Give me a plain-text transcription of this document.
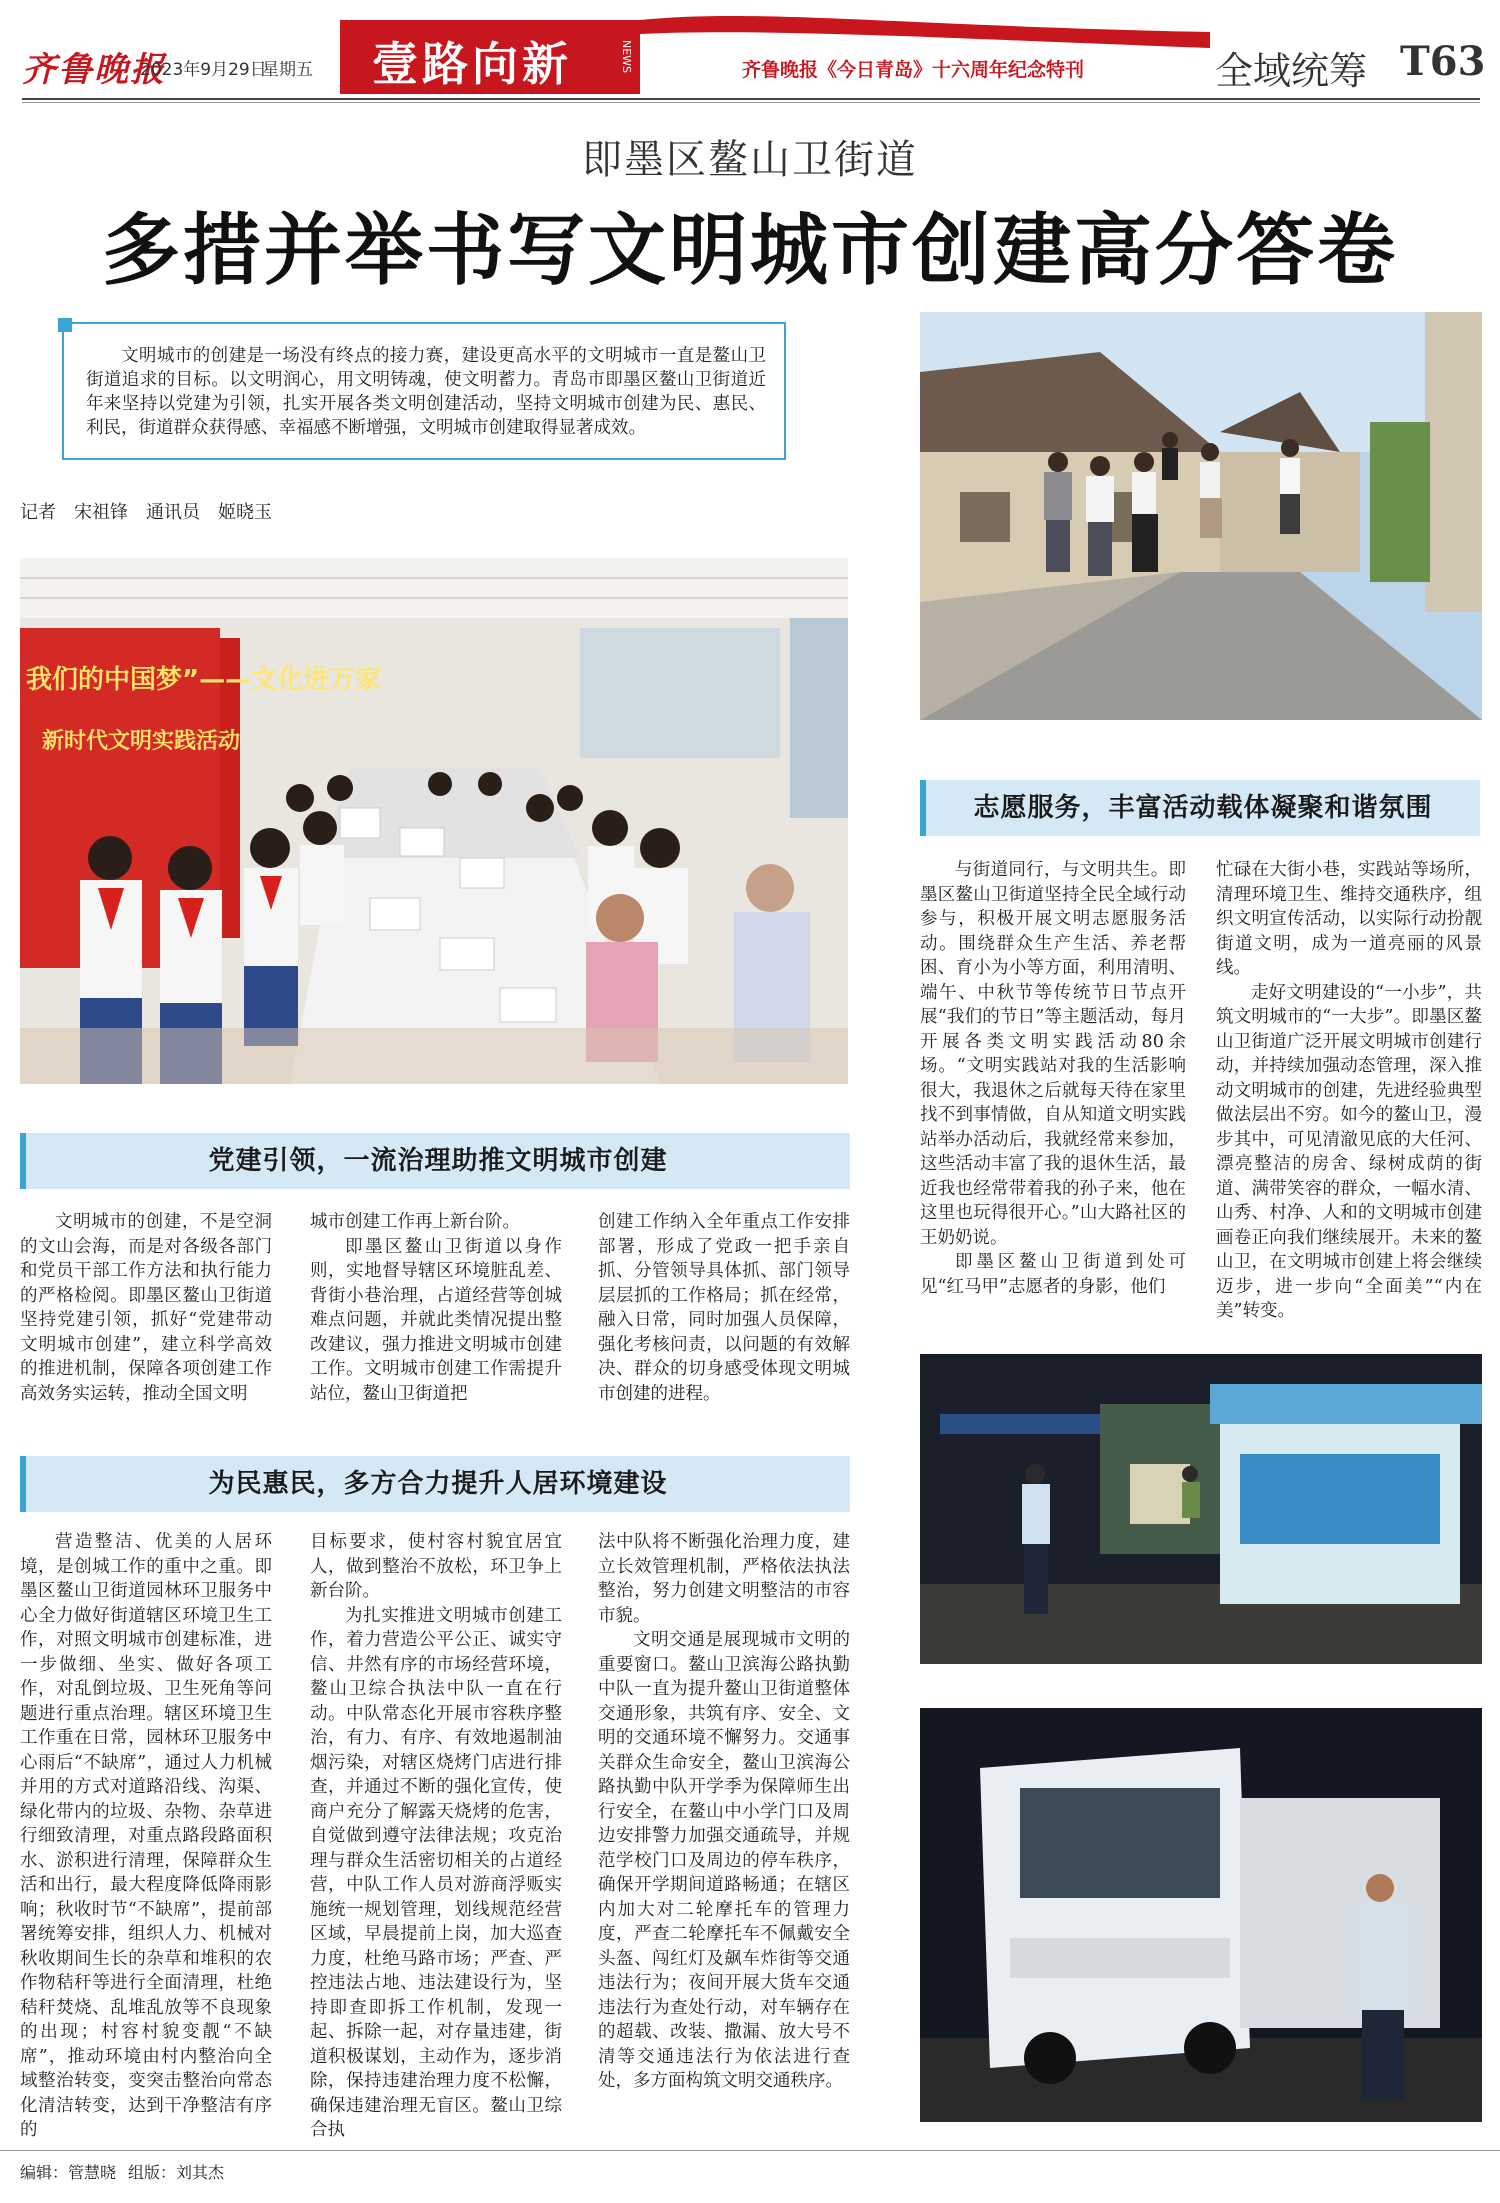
齐鲁晚报
2023年9月29日
星期五 壹路向新	NEWS	齐鲁晚报《今日青岛》十六周年纪念特刊	全域统筹 T63
即墨区鳌山卫街道
多措并举书写文明城市创建高分答卷
文明城市的创建是一场没有终点的接力赛，建设更高水平的文明城市一直是鳌山卫街道追求的目标。以文明润心，用文明铸魂，使文明蓄力。青岛市即墨区鳌山卫街道近年来坚持以党建为引领，扎实开展各类文明创建活动，坚持文明城市创建为民、惠民、利民，街道群众获得感、幸福感不断增强，文明城市创建取得显著成效。
记者　宋祖锋　通讯员　姬晓玉
我们的中国梦”——文化进万家
新时代文明实践活动
党建引领，一流治理助推文明城市创建

文明城市的创建，不是空洞的文山会海，而是对各级各部门和党员干部工作方法和执行能力的严格检阅。即墨区鳌山卫街道坚持党建引领，抓好“党建带动文明城市创建”，建立科学高效的推进机制，保障各项创建工作高效务实运转，推动全国文明

城市创建工作再上新台阶。

即墨区鳌山卫街道以身作则，实地督导辖区环境脏乱差、背街小巷治理，占道经营等创城难点问题，并就此类情况提出整改建议，强力推进文明城市创建工作。文明城市创建工作需提升站位，鳌山卫街道把

创建工作纳入全年重点工作安排部署，形成了党政一把手亲自抓、分管领导具体抓、部门领导层层抓的工作格局；抓在经常，融入日常，同时加强人员保障，强化考核问责，以问题的有效解决、群众的切身感受体现文明城市创建的进程。

为民惠民，多方合力提升人居环境建设

营造整洁、优美的人居环境，是创城工作的重中之重。即墨区鳌山卫街道园林环卫服务中心全力做好街道辖区环境卫生工作，对照文明城市创建标准，进一步做细、坐实、做好各项工作，对乱倒垃圾、卫生死角等问题进行重点治理。辖区环境卫生工作重在日常，园林环卫服务中心雨后“不缺席”，通过人力机械并用的方式对道路沿线、沟渠、绿化带内的垃圾、杂物、杂草进行细致清理，对重点路段路面积水、淤积进行清理，保障群众生活和出行，最大程度降低降雨影响；秋收时节“不缺席”，提前部署统筹安排，组织人力、机械对秋收期间生长的杂草和堆积的农作物秸秆等进行全面清理，杜绝秸秆焚烧、乱堆乱放等不良现象的出现；村容村貌变靓“不缺席”，推动环境由村内整治向全域整治转变，变突击整治向常态化清洁转变，达到干净整洁有序的

目标要求，使村容村貌宜居宜人，做到整治不放松，环卫争上新台阶。

为扎实推进文明城市创建工作，着力营造公平公正、诚实守信、井然有序的市场经营环境，鳌山卫综合执法中队一直在行动。中队常态化开展市容秩序整治，有力、有序、有效地遏制油烟污染，对辖区烧烤门店进行排查，并通过不断的强化宣传，使商户充分了解露天烧烤的危害，自觉做到遵守法律法规；攻克治理与群众生活密切相关的占道经营，中队工作人员对游商浮贩实施统一规划管理，划线规范经营区域，早晨提前上岗，加大巡查力度，杜绝马路市场；严查、严控违法占地、违法建设行为，坚持即查即拆工作机制，发现一起、拆除一起，对存量违建，街道积极谋划，主动作为，逐步消除，保持违建治理力度不松懈，确保违建治理无盲区。鳌山卫综合执

法中队将不断强化治理力度，建立长效管理机制，严格依法执法整治，努力创建文明整洁的市容市貌。

文明交通是展现城市文明的重要窗口。鳌山卫滨海公路执勤中队一直为提升鳌山卫街道整体交通形象，共筑有序、安全、文明的交通环境不懈努力。交通事关群众生命安全，鳌山卫滨海公路执勤中队开学季为保障师生出行安全，在鳌山中小学门口及周边安排警力加强交通疏导，并规范学校门口及周边的停车秩序，确保开学期间道路畅通；在辖区内加大对二轮摩托车的管理力度，严查二轮摩托车不佩戴安全头盔、闯红灯及飙车炸街等交通违法行为；夜间开展大货车交通违法行为查处行动，对车辆存在的超载、改装、撒漏、放大号不清等交通违法行为依法进行查处，多方面构筑文明交通秩序。

志愿服务，丰富活动载体凝聚和谐氛围

与街道同行，与文明共生。即墨区鳌山卫街道坚持全民全域行动参与，积极开展文明志愿服务活动。围绕群众生产生活、养老帮困、育小为小等方面，利用清明、端午、中秋节等传统节日节点开展“我们的节日”等主题活动，每月开展各类文明实践活动80余场。“文明实践站对我的生活影响很大，我退休之后就每天待在家里找不到事情做，自从知道文明实践站举办活动后，我就经常来参加，这些活动丰富了我的退休生活，最近我也经常带着我的孙子来，他在这里也玩得很开心。”山大路社区的王奶奶说。

即墨区鳌山卫街道到处可见“红马甲”志愿者的身影，他们

忙碌在大街小巷，实践站等场所，清理环境卫生、维持交通秩序，组织文明宣传活动，以实际行动扮靓街道文明，成为一道亮丽的风景线。

走好文明建设的“一小步”，共筑文明城市的“一大步”。即墨区鳌山卫街道广泛开展文明城市创建行动，并持续加强动态管理，深入推动文明城市的创建，先进经验典型做法层出不穷。如今的鳌山卫，漫步其中，可见清澈见底的大任河、漂亮整洁的房舍、绿树成荫的街道、满带笑容的群众，一幅水清、山秀、村净、人和的文明城市创建画卷正向我们继续展开。未来的鳌山卫，在文明城市创建上将会继续迈步，进一步向“全面美”“内在美”转变。

编辑：管慧晓 组版：刘其杰
